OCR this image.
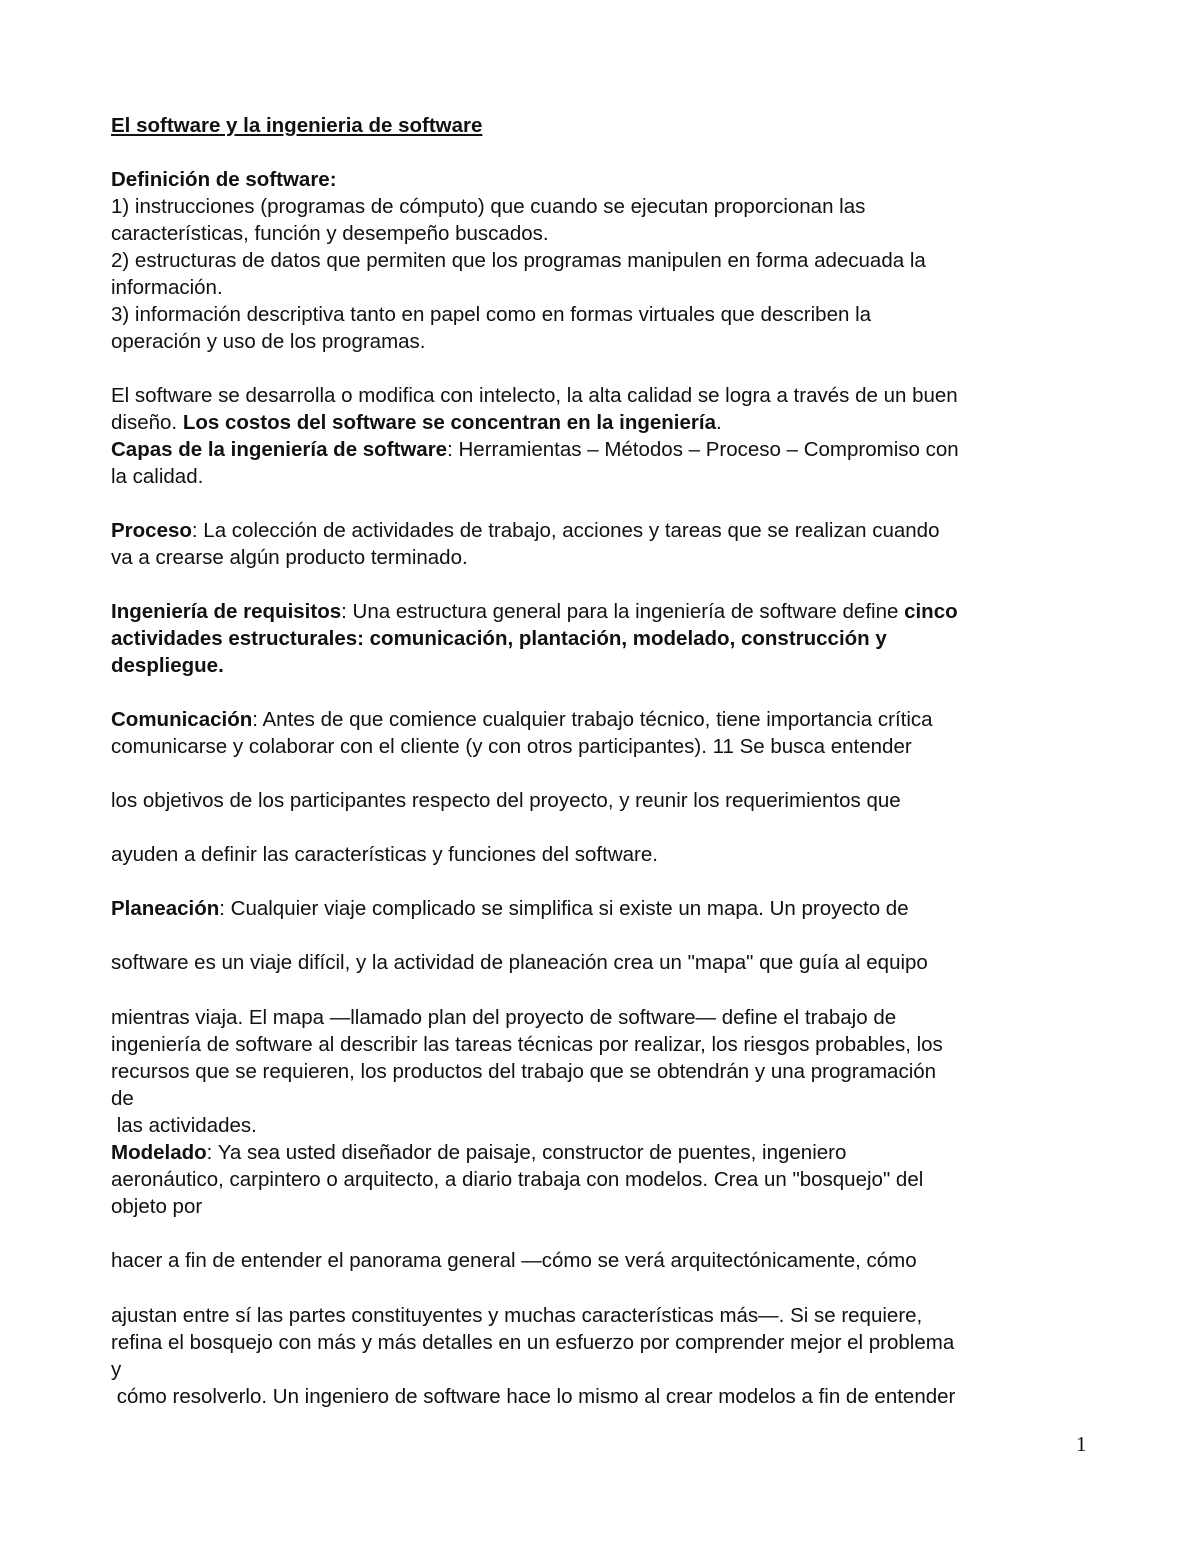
El software y la ingenieria de software
Definición de software:
1) instrucciones (programas de cómputo) que cuando se ejecutan proporcionan las
características, función y desempeño buscados.
2) estructuras de datos que permiten que los programas manipulen en forma adecuada la
información.
3) información descriptiva tanto en papel como en formas virtuales que describen la
operación y uso de los programas.
El software se desarrolla o modifica con intelecto, la alta calidad se logra a través de un buen
diseño. Los costos del software se concentran en la ingeniería.
Capas de la ingeniería de software: Herramientas – Métodos – Proceso – Compromiso con
la calidad.
Proceso: La colección de actividades de trabajo, acciones y tareas que se realizan cuando
va a crearse algún producto terminado.
Ingeniería de requisitos: Una estructura general para la ingeniería de software define cinco
actividades estructurales: comunicación, plantación, modelado, construcción y
despliegue.
Comunicación: Antes de que comience cualquier trabajo técnico, tiene importancia crítica
comunicarse y colaborar con el cliente (y con otros participantes). 11 Se busca entender
los objetivos de los participantes respecto del proyecto, y reunir los requerimientos que
ayuden a definir las características y funciones del software.
Planeación: Cualquier viaje complicado se simplifica si existe un mapa. Un proyecto de
software es un viaje difícil, y la actividad de planeación crea un "mapa" que guía al equipo
mientras viaja. El mapa —llamado plan del proyecto de software— define el trabajo de
ingeniería de software al describir las tareas técnicas por realizar, los riesgos probables, los
recursos que se requieren, los productos del trabajo que se obtendrán y una programación
de
las actividades.
Modelado: Ya sea usted diseñador de paisaje, constructor de puentes, ingeniero
aeronáutico, carpintero o arquitecto, a diario trabaja con modelos. Crea un "bosquejo" del
objeto por
hacer a fin de entender el panorama general —cómo se verá arquitectónicamente, cómo
ajustan entre sí las partes constituyentes y muchas características más—. Si se requiere,
refina el bosquejo con más y más detalles en un esfuerzo por comprender mejor el problema
y
cómo resolverlo. Un ingeniero de software hace lo mismo al crear modelos a fin de entender
1
